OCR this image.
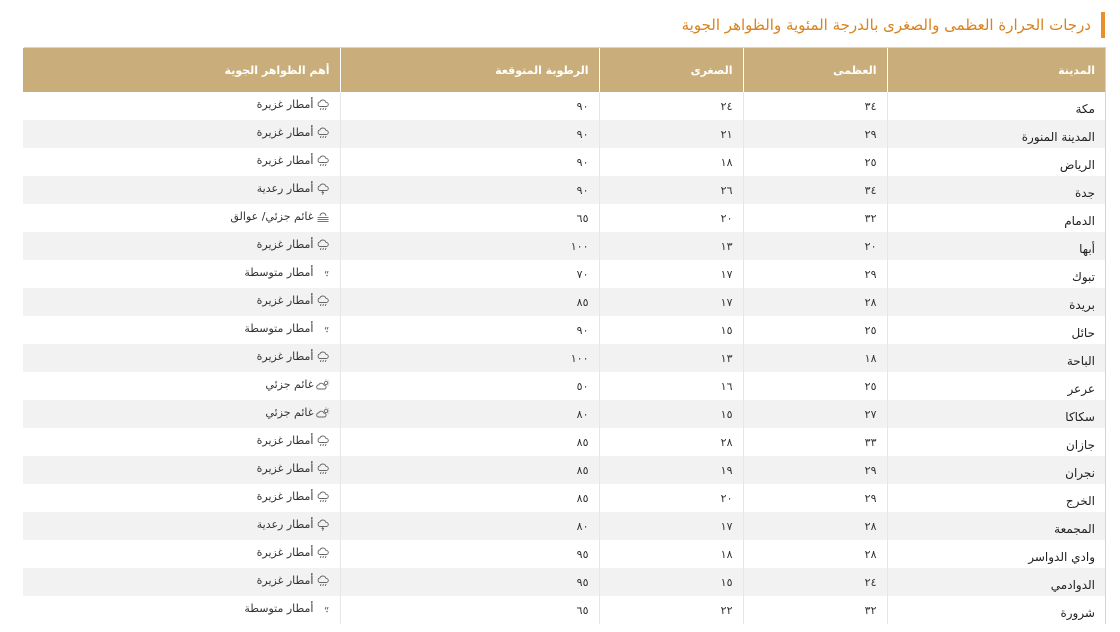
درجات الحرارة العظمى والصغرى بالدرجة المئوية والظواهر الجوية
المدينة	العظمى	الصغرى	الرطوبة المتوقعة	أهم الظواهر الجوية
مكة	٣٤	٢٤	٩٠	أمطار غزيرة

المدينة المنورة	٢٩	٢١	٩٠	أمطار غزيرة

الرياض	٢٥	١٨	٩٠	أمطار غزيرة

جدة	٣٤	٢٦	٩٠	أمطار رعدية

الدمام	٣٢	٢٠	٦٥	غائم جزئي/ عوالق

أبها	٢٠	١٣	١٠٠	أمطار غزيرة

تبوك	٢٩	١٧	٧٠	أمطار متوسطة

بريدة	٢٨	١٧	٨٥	أمطار غزيرة

حائل	٢٥	١٥	٩٠	أمطار متوسطة

الباحة	١٨	١٣	١٠٠	أمطار غزيرة

عرعر	٢٥	١٦	٥٠	غائم جزئي

سكاكا	٢٧	١٥	٨٠	غائم جزئي

جازان	٣٣	٢٨	٨٥	أمطار غزيرة

نجران	٢٩	١٩	٨٥	أمطار غزيرة

الخرج	٢٩	٢٠	٨٥	أمطار غزيرة

المجمعة	٢٨	١٧	٨٠	أمطار رعدية

وادي الدواسر	٢٨	١٨	٩٥	أمطار غزيرة

الدوادمي	٢٤	١٥	٩٥	أمطار غزيرة

شرورة	٣٢	٢٢	٦٥	أمطار متوسطة
